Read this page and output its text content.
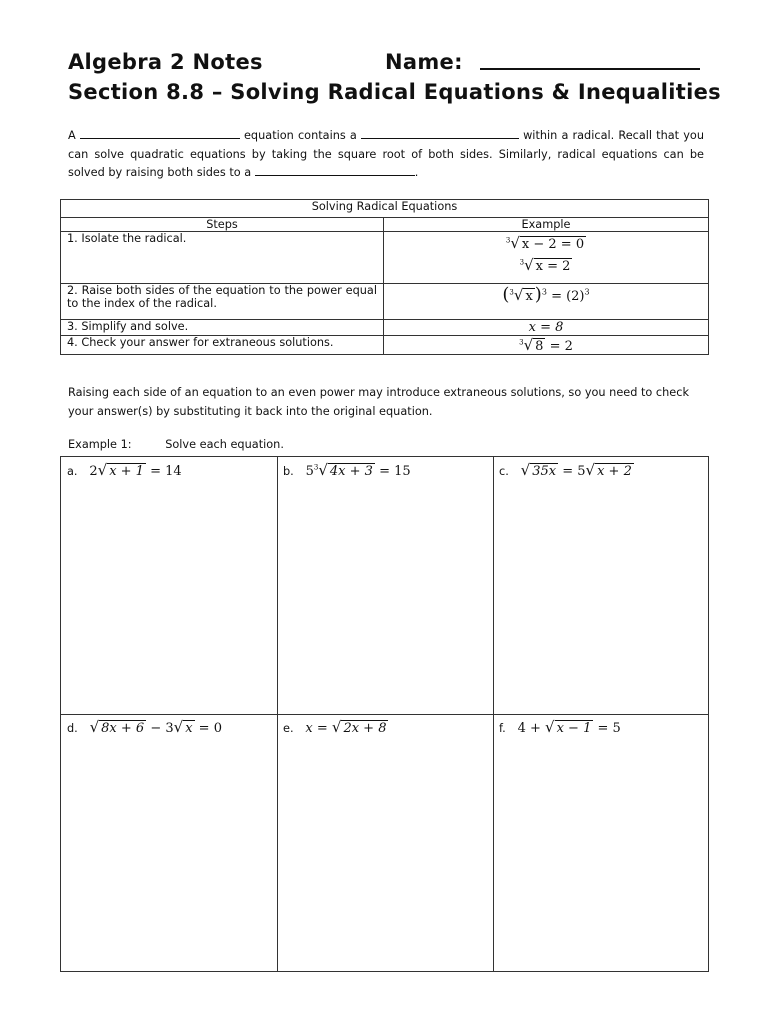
Algebra 2 Notes	Name:
Section 8.8 – Solving Radical Equations & Inequalities
A	equation contains a	within a radical. Recall that you can solve quadratic equations by taking the square root of both sides. Similarly, radical equations can be solved by raising both sides to a	.
Solving Radical Equations	
Steps	Example
1. Isolate the radical.	$^3$√ x − 2 = 0
$^3$√ x = 2

2. Raise both sides of the equation to the power equal to the index of the radical.	($^3$√ x )$^3 = (2)^3$
3. Simplify and solve.	x = 8
4. Check your answer for extraneous solutions.	$^3$√ 8 = 2
Raising each side of an equation to an even power may introduce extraneous solutions, so you need to check your answer(s) by substituting it back into the original equation.
Example 1:	Solve each equation.
a. 2√ x + 1 = 14	b. $5^3√$ 4x + 3 = 15	c. √ 35x = 5√ x + 2
d. √ 8x + 6 − 3√ x = 0	e. x = √ 2x + 8	f. 4 + √ x − 1 = 5
